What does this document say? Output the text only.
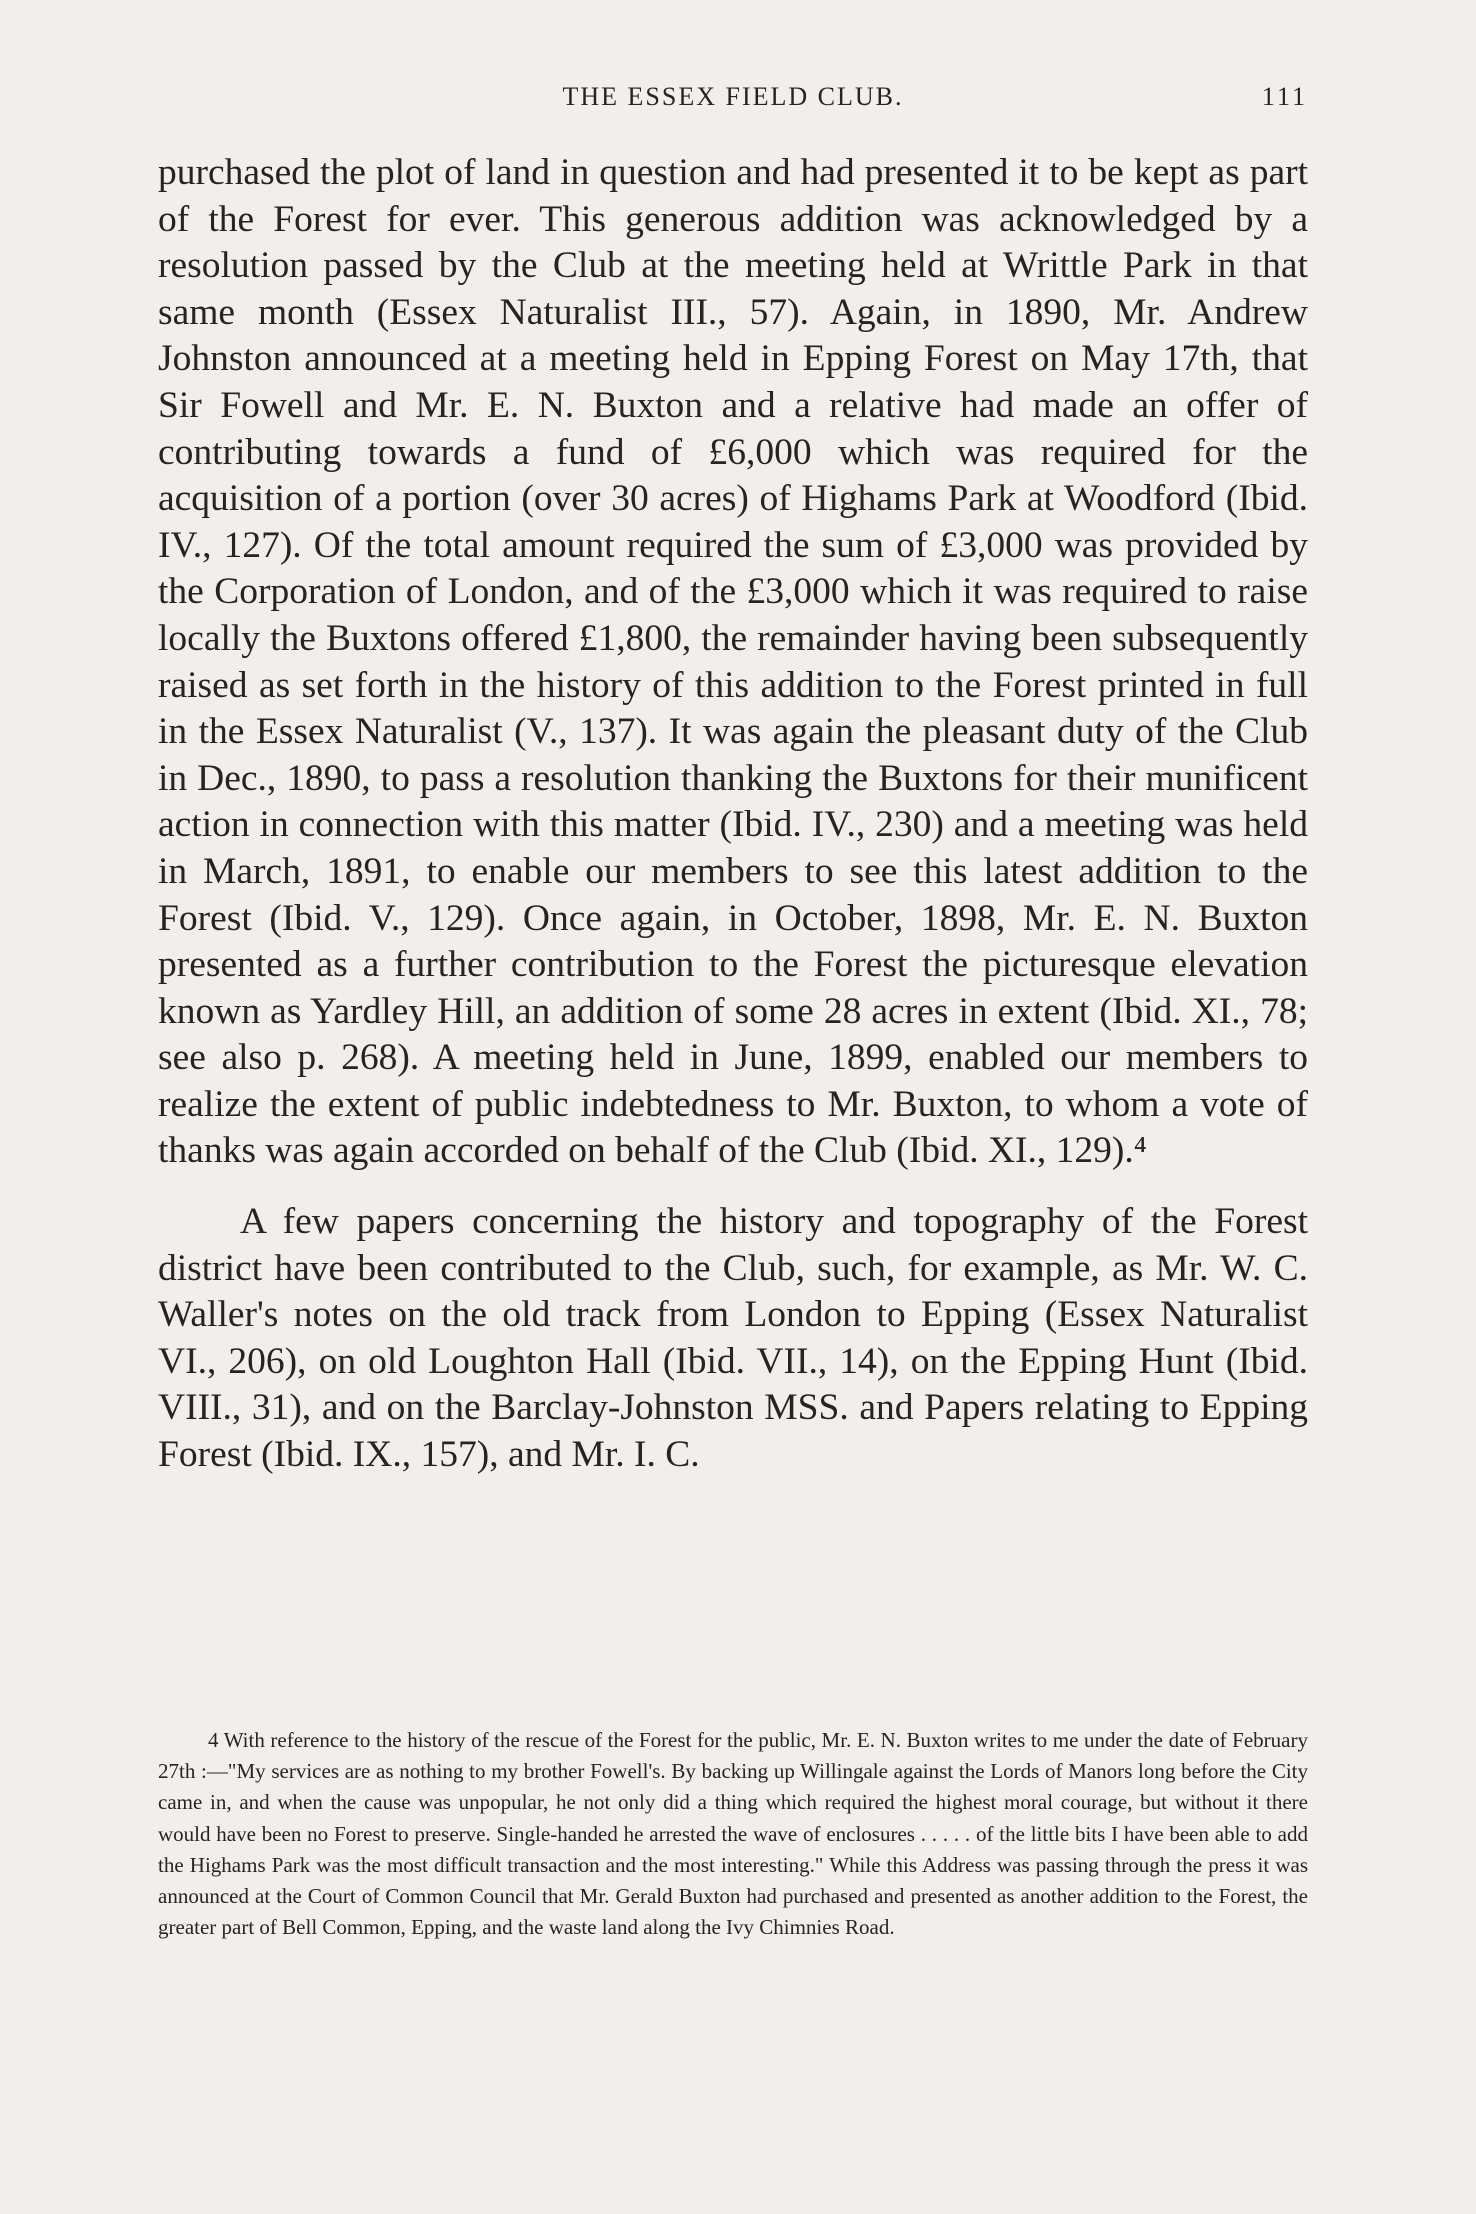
THE ESSEX FIELD CLUB.	111

purchased the plot of land in question and had presented it to be kept as part of the Forest for ever. This generous addition was acknowledged by a resolution passed by the Club at the meeting held at Writtle Park in that same month (Essex Naturalist III., 57). Again, in 1890, Mr. Andrew Johnston announced at a meeting held in Epping Forest on May 17th, that Sir Fowell and Mr. E. N. Buxton and a relative had made an offer of contributing towards a fund of £6,000 which was required for the acquisition of a portion (over 30 acres) of Highams Park at Woodford (Ibid. IV., 127). Of the total amount required the sum of £3,000 was provided by the Corporation of London, and of the £3,000 which it was required to raise locally the Buxtons offered £1,800, the remainder having been subsequently raised as set forth in the history of this addition to the Forest printed in full in the Essex Naturalist (V., 137). It was again the pleasant duty of the Club in Dec., 1890, to pass a resolution thanking the Buxtons for their munificent action in connection with this matter (Ibid. IV., 230) and a meeting was held in March, 1891, to enable our members to see this latest addition to the Forest (Ibid. V., 129). Once again, in October, 1898, Mr. E. N. Buxton presented as a further contribution to the Forest the picturesque elevation known as Yardley Hill, an addition of some 28 acres in extent (Ibid. XI., 78; see also p. 268). A meeting held in June, 1899, enabled our members to realize the extent of public indebtedness to Mr. Buxton, to whom a vote of thanks was again accorded on behalf of the Club (Ibid. XI., 129).⁴

A few papers concerning the history and topography of the Forest district have been contributed to the Club, such, for example, as Mr. W. C. Waller's notes on the old track from London to Epping (Essex Naturalist VI., 206), on old Loughton Hall (Ibid. VII., 14), on the Epping Hunt (Ibid. VIII., 31), and on the Barclay-Johnston MSS. and Papers relating to Epping Forest (Ibid. IX., 157), and Mr. I. C.

4 With reference to the history of the rescue of the Forest for the public, Mr. E. N. Buxton writes to me under the date of February 27th :—"My services are as nothing to my brother Fowell's. By backing up Willingale against the Lords of Manors long before the City came in, and when the cause was unpopular, he not only did a thing which required the highest moral courage, but without it there would have been no Forest to preserve. Single-handed he arrested the wave of enclosures . . . . . of the little bits I have been able to add the Highams Park was the most difficult transaction and the most interesting." While this Address was passing through the press it was announced at the Court of Common Council that Mr. Gerald Buxton had purchased and presented as another addition to the Forest, the greater part of Bell Common, Epping, and the waste land along the Ivy Chimnies Road.
